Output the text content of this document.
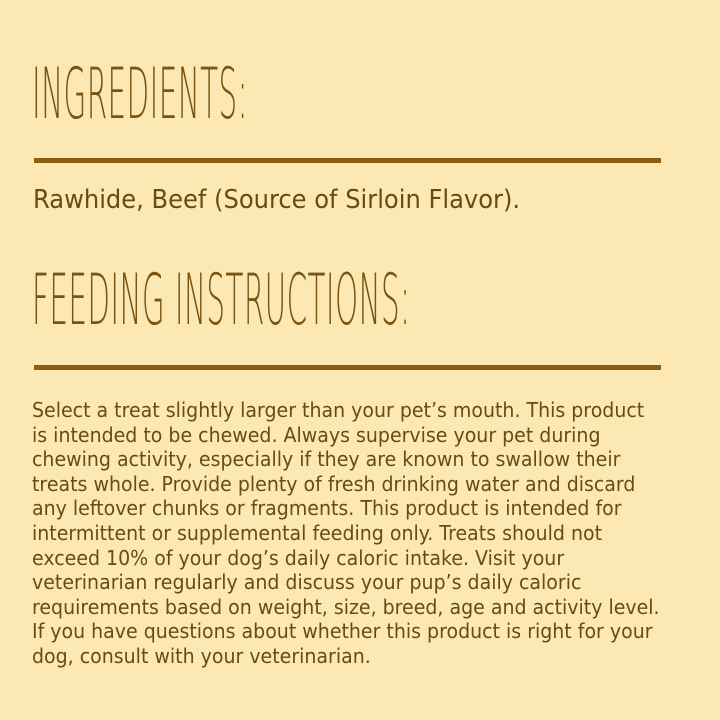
INGREDIENTS:
Rawhide, Beef (Source of Sirloin Flavor).
FEEDING INSTRUCTIONS:

Select a treat slightly larger than your pet’s mouth. This product is intended to be chewed. Always supervise your pet during chewing activity, especially if they are known to swallow their treats whole. Provide plenty of fresh drinking water and discard any leftover chunks or fragments. This product is intended for intermittent or supplemental feeding only. Treats should not exceed 10% of your dog’s daily caloric intake. Visit your veterinarian regularly and discuss your pup’s daily caloric requirements based on weight, size, breed, age and activity level. If you have questions about whether this product is right for your dog, consult with your veterinarian.
